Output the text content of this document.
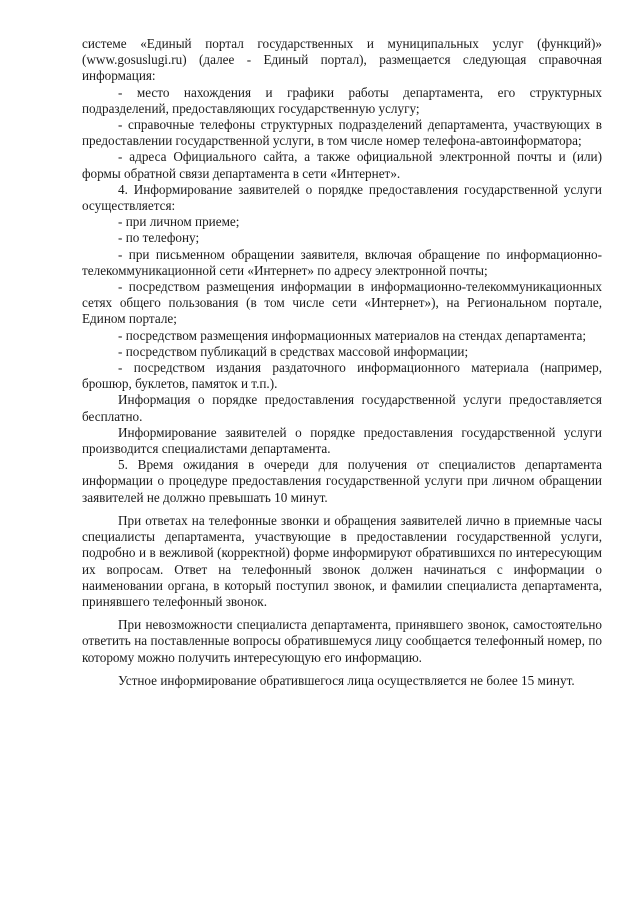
системе «Единый портал государственных и муниципальных услуг (функций)» (www.gosuslugi.ru) (далее - Единый портал), размещается следующая справочная информация:

- место нахождения и графики работы департамента, его структурных подразделений, предоставляющих государственную услугу;

- справочные телефоны структурных подразделений департамента, участвующих в предоставлении государственной услуги, в том числе номер телефона-автоинформатора;

- адреса Официального сайта, а также официальной электронной почты и (или) формы обратной связи департамента в сети «Интернет».

4. Информирование заявителей о порядке предоставления государственной услуги осуществляется:

- при личном приеме;

- по телефону;

- при письменном обращении заявителя, включая обращение по информационно-телекоммуникационной сети «Интернет» по адресу электронной почты;

- посредством размещения информации в информационно-телекоммуникационных сетях общего пользования (в том числе сети «Интернет»), на Региональном портале, Едином портале;

- посредством размещения информационных материалов на стендах департамента;

- посредством публикаций в средствах массовой информации;

- посредством издания раздаточного информационного материала (например, брошюр, буклетов, памяток и т.п.).

Информация о порядке предоставления государственной услуги предоставляется бесплатно.

Информирование заявителей о порядке предоставления государственной услуги производится специалистами департамента.

5. Время ожидания в очереди для получения от специалистов департамента информации о процедуре предоставления государственной услуги при личном обращении заявителей не должно превышать 10 минут.

При ответах на телефонные звонки и обращения заявителей лично в приемные часы специалисты департамента, участвующие в предоставлении государственной услуги, подробно и в вежливой (корректной) форме информируют обратившихся по интересующим их вопросам. Ответ на телефонный звонок должен начинаться с информации о наименовании органа, в который поступил звонок, и фамилии специалиста департамента, принявшего телефонный звонок.

При невозможности специалиста департамента, принявшего звонок, самостоятельно ответить на поставленные вопросы обратившемуся лицу сообщается телефонный номер, по которому можно получить интересующую его информацию.

Устное информирование обратившегося лица осуществляется не более 15 минут.
